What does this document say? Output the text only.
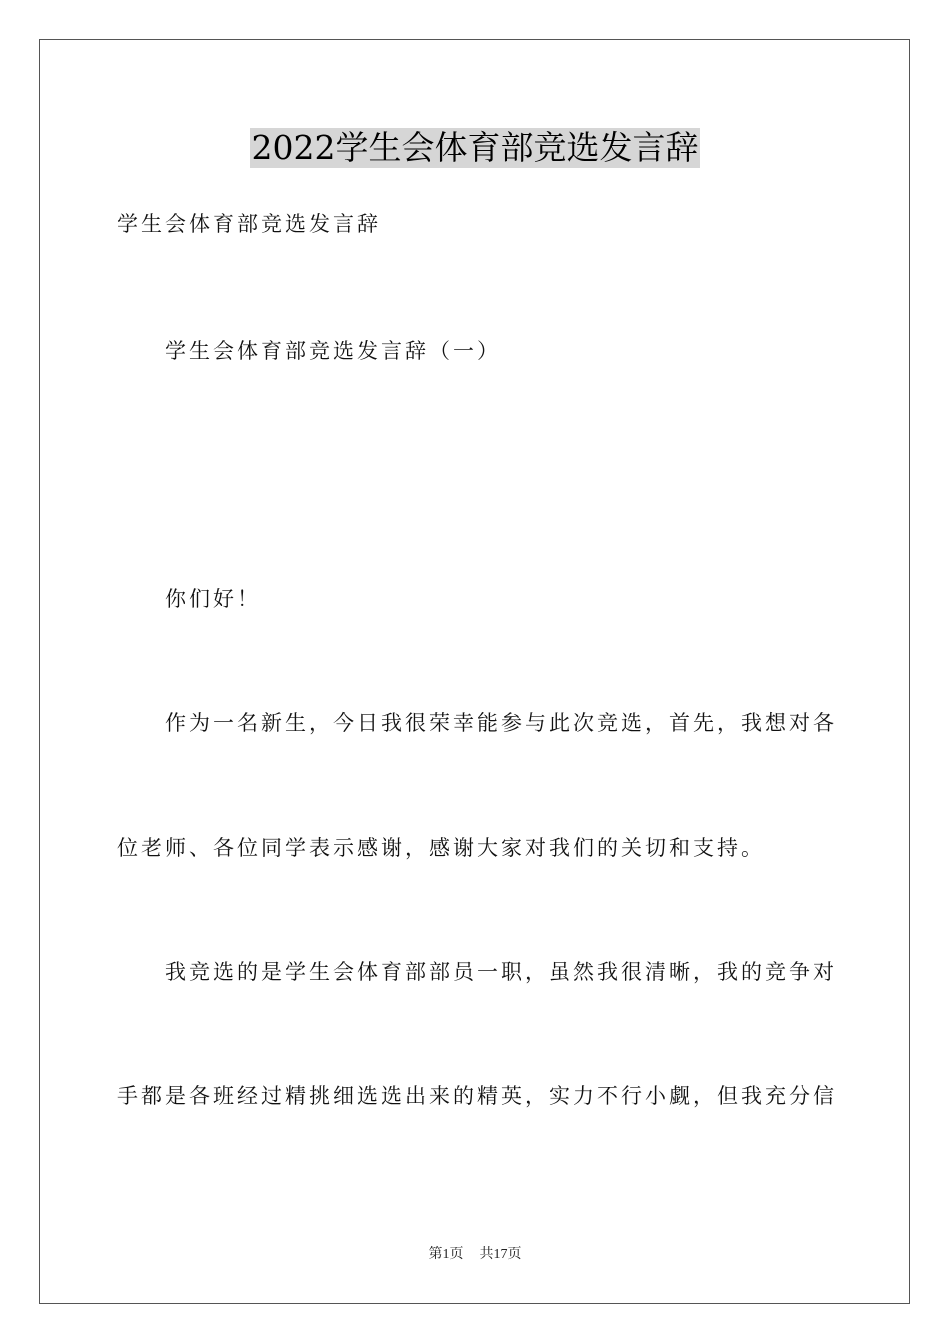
2022学生会体育部竞选发言辞
学生会体育部竞选发言辞
学生会体育部竞选发言辞（一）
你们好！
作为一名新生，今日我很荣幸能参与此次竞选，首先，我想对各
位老师、各位同学表示感谢，感谢大家对我们的关切和支持。
我竞选的是学生会体育部部员一职，虽然我很清晰，我的竞争对
手都是各班经过精挑细选选出来的精英，实力不行小觑，但我充分信
第1页 共17页
